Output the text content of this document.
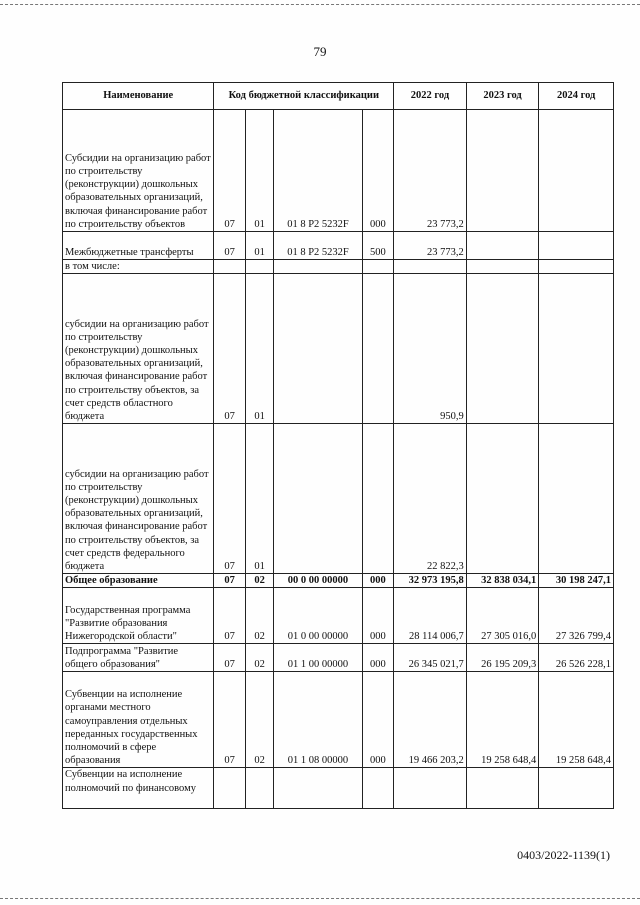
79
Наименование	Код бюджетной классификации				2022 год	2023 год	2024 год
Субсидии на организацию работ по строительству (реконструкции) дошкольных образовательных организаций, включая финансирование работ по строительству объектов	07	01	01 8 Р2 5232F	000	23 773,2		
Межбюджетные трансферты	07	01	01 8 Р2 5232F	500	23 773,2		
в том числе:							
субсидии на организацию работ по строительству (реконструкции) дошкольных образовательных организаций, включая финансирование работ по строительству объектов, за счет средств областного бюджета	07	01			950,9		
субсидии на организацию работ по строительству (реконструкции) дошкольных образовательных организаций, включая финансирование работ по строительству объектов, за счет средств федерального бюджета	07	01			22 822,3		
Общее образование	07	02	00 0 00 00000	000	32 973 195,8	32 838 034,1	30 198 247,1
Государственная программа "Развитие образования Нижегородской области"	07	02	01 0 00 00000	000	28 114 006,7	27 305 016,0	27 326 799,4
Подпрограмма "Развитие общего образования"	07	02	01 1 00 00000	000	26 345 021,7	26 195 209,3	26 526 228,1
Субвенции на исполнение органами местного самоуправления отдельных переданных государственных полномочий в сфере образования	07	02	01 1 08 00000	000	19 466 203,2	19 258 648,4	19 258 648,4
Субвенции на исполнение полномочий по финансовому							
0403/2022-1139(1)
